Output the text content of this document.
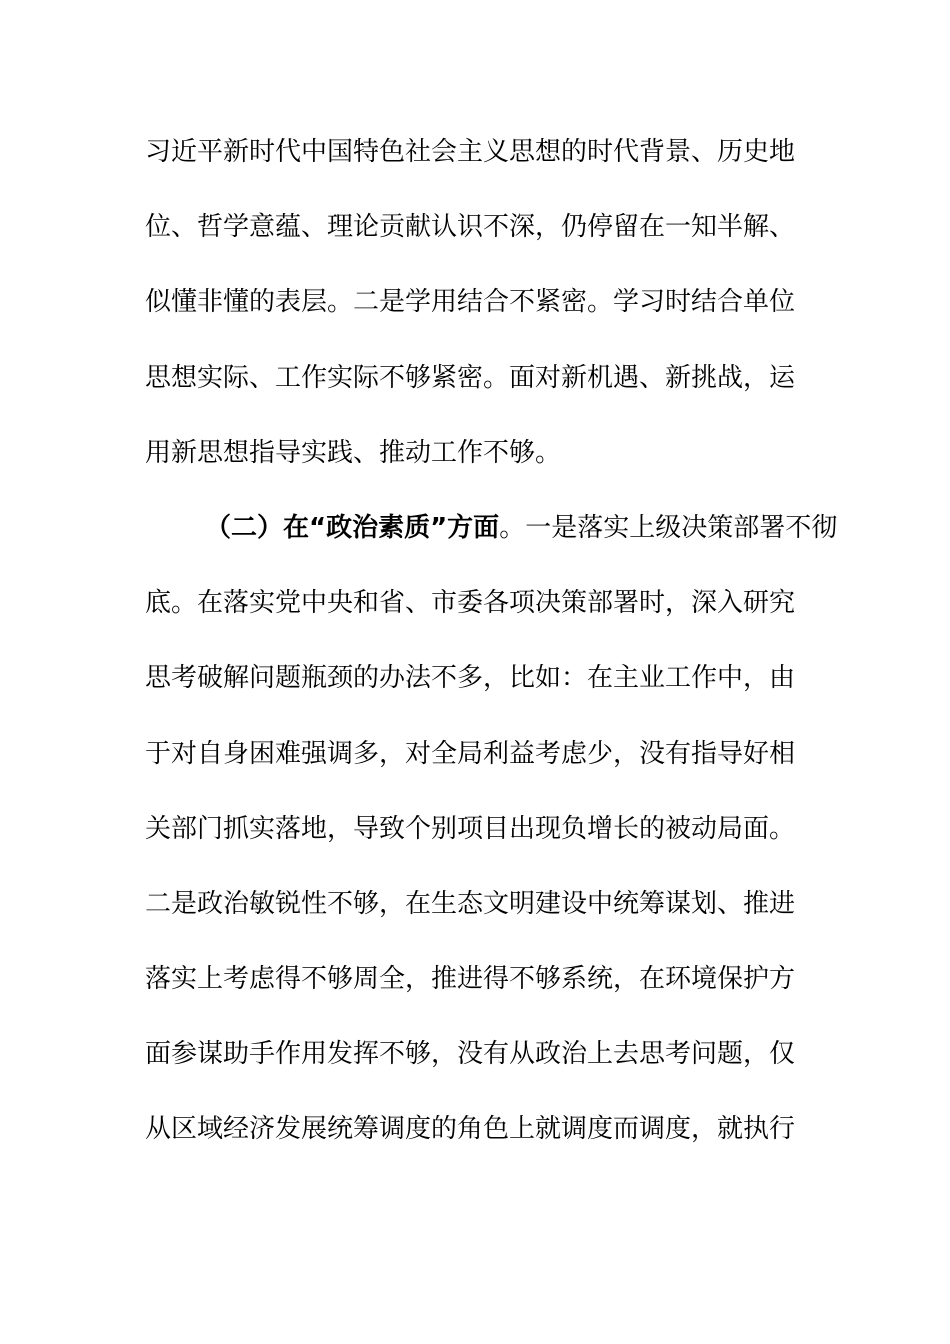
习近平新时代中国特色社会主义思想的时代背景、历史地
位、哲学意蕴、理论贡献认识不深，仍停留在一知半解、
似懂非懂的表层。二是学用结合不紧密。学习时结合单位
思想实际、工作实际不够紧密。面对新机遇、新挑战，运
用新思想指导实践、推动工作不够。
（二）在“政治素质”方面。一是落实上级决策部署不彻
底。在落实党中央和省、市委各项决策部署时，深入研究
思考破解问题瓶颈的办法不多，比如：在主业工作中，由
于对自身困难强调多，对全局利益考虑少，没有指导好相
关部门抓实落地，导致个别项目出现负增长的被动局面。
二是政治敏锐性不够，在生态文明建设中统筹谋划、推进
落实上考虑得不够周全，推进得不够系统，在环境保护方
面参谋助手作用发挥不够，没有从政治上去思考问题，仅
从区域经济发展统筹调度的角色上就调度而调度，就执行
